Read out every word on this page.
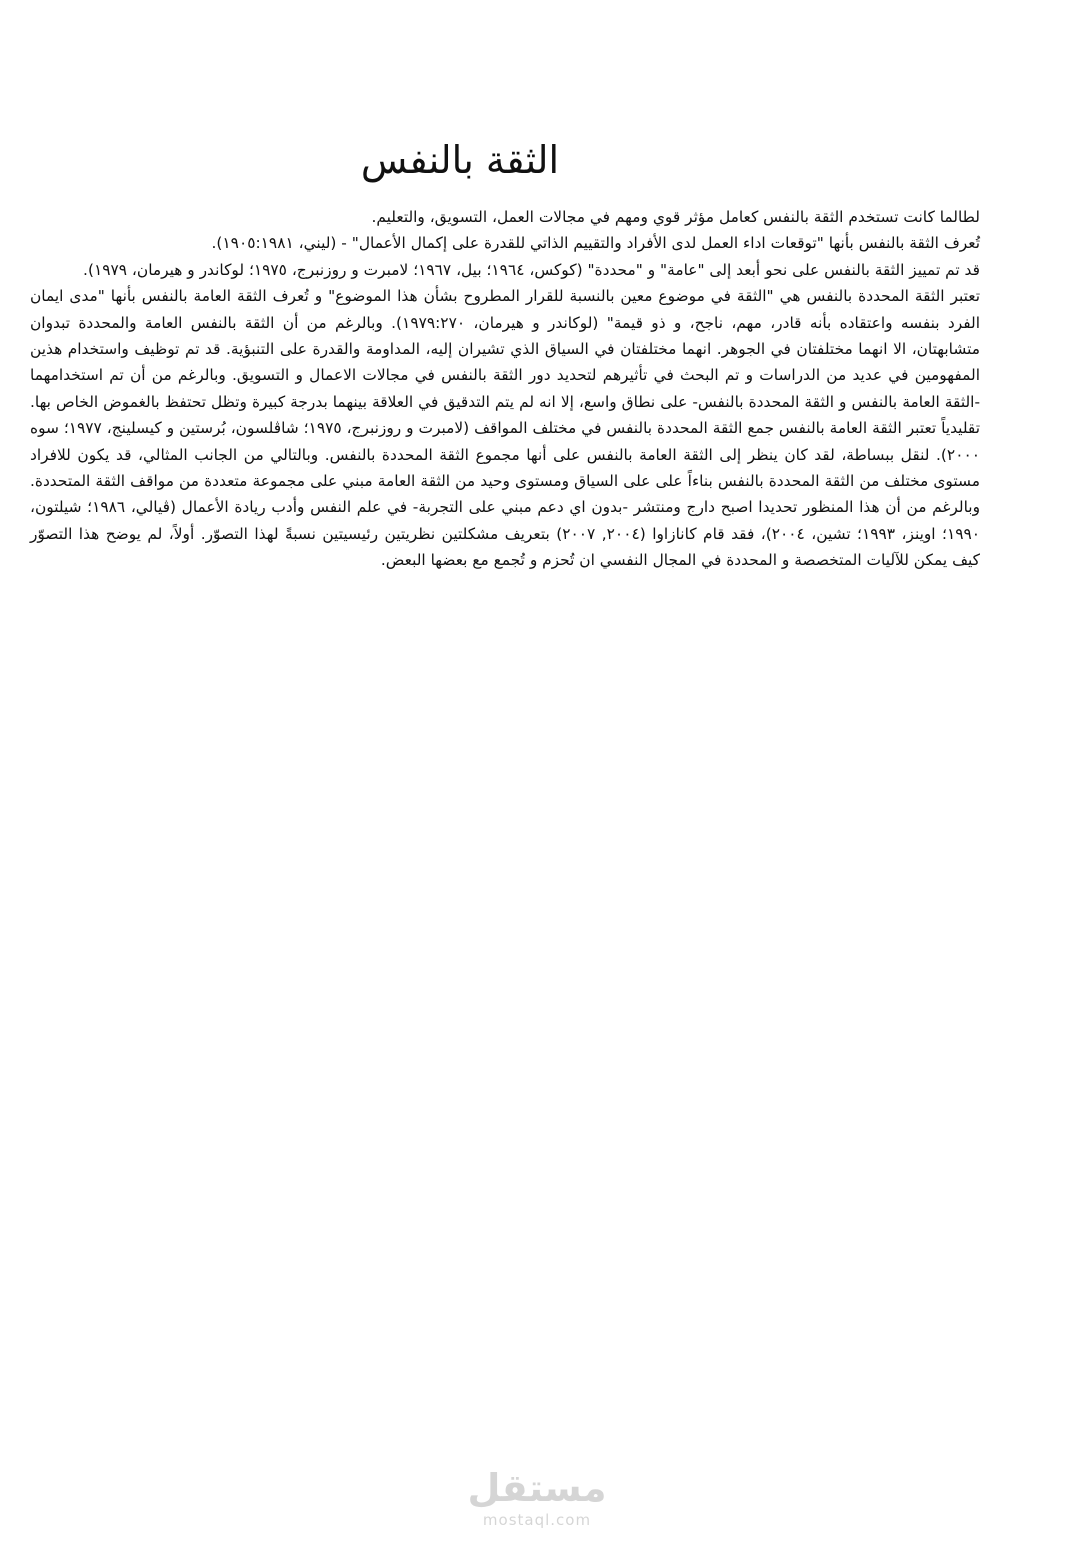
الثقة بالنفس

لطالما كانت تستخدم الثقة بالنفس كعامل مؤثر قوي ومهم في مجالات العمل، التسويق، والتعليم.

تُعرف الثقة بالنفس بأنها "توقعات اداء العمل لدى الأفراد والتقييم الذاتي للقدرة على إكمال الأعمال" - (ليني، ١٩٠٥:١٩٨١).

قد تم تمييز الثقة بالنفس على نحو أبعد إلى "عامة" و "محددة" (كوكس، ١٩٦٤؛ بيل، ١٩٦٧؛ لامبرت و روزنبرج، ١٩٧٥؛ لوكاندر و هيرمان، ١٩٧٩).

تعتبر الثقة المحددة بالنفس هي "الثقة في موضوع معين بالنسبة للقرار المطروح بشأن هذا الموضوع" و تُعرف الثقة العامة بالنفس بأنها "مدى ايمان الفرد بنفسه واعتقاده بأنه قادر، مهم، ناجح، و ذو قيمة" (لوكاندر و هيرمان، ١٩٧٩:٢٧٠). وبالرغم من أن الثقة بالنفس العامة والمحددة تبدوان متشابهتان، الا انهما مختلفتان في الجوهر. انهما مختلفتان في السياق الذي تشيران إليه، المداومة والقدرة على التنبؤية. قد تم توظيف واستخدام هذين المفهومين في عديد من الدراسات و تم البحث في تأثيرهم لتحديد دور الثقة بالنفس في مجالات الاعمال و التسويق. وبالرغم من أن تم استخدامهما -الثقة العامة بالنفس و الثقة المحددة بالنفس- على نطاق واسع، إلا انه لم يتم التدقيق في العلاقة بينهما بدرجة كبيرة وتظل تحتفظ بالغموض الخاص بها. تقليدياً تعتبر الثقة العامة بالنفس جمع الثقة المحددة بالنفس في مختلف المواقف (لامبرت و روزنبرج، ١٩٧٥؛ شاڤلسون، بُرستين و كيسلينج، ١٩٧٧؛ سوه ٢٠٠٠). لنقل ببساطة، لقد كان ينظر إلى الثقة العامة بالنفس على أنها مجموع الثقة المحددة بالنفس. وبالتالي من الجانب المثالي، قد يكون للافراد مستوى مختلف من الثقة المحددة بالنفس بناءاً على على السياق ومستوى وحيد من الثقة العامة مبني على مجموعة متعددة من مواقف الثقة المتحددة. وبالرغم من أن هذا المنظور تحديدا اصبح دارج ومنتشر -بدون اي دعم مبني على التجربة- في علم النفس وأدب ريادة الأعمال (ڤيالي، ١٩٨٦؛ شيلتون، ١٩٩٠؛ اوينز، ١٩٩٣؛ تشين، ٢٠٠٤)، فقد قام كانازاوا (٢٠٠٤, ٢٠٠٧) بتعريف مشكلتين نظريتين رئيسيتين نسبةً لهذا التصوّر. أولاً، لم يوضح هذا التصوّر كيف يمكن للآليات المتخصصة و المحددة في المجال النفسي ان تُحزم و تُجمع مع بعضها البعض.

مستقل
mostaql.com
